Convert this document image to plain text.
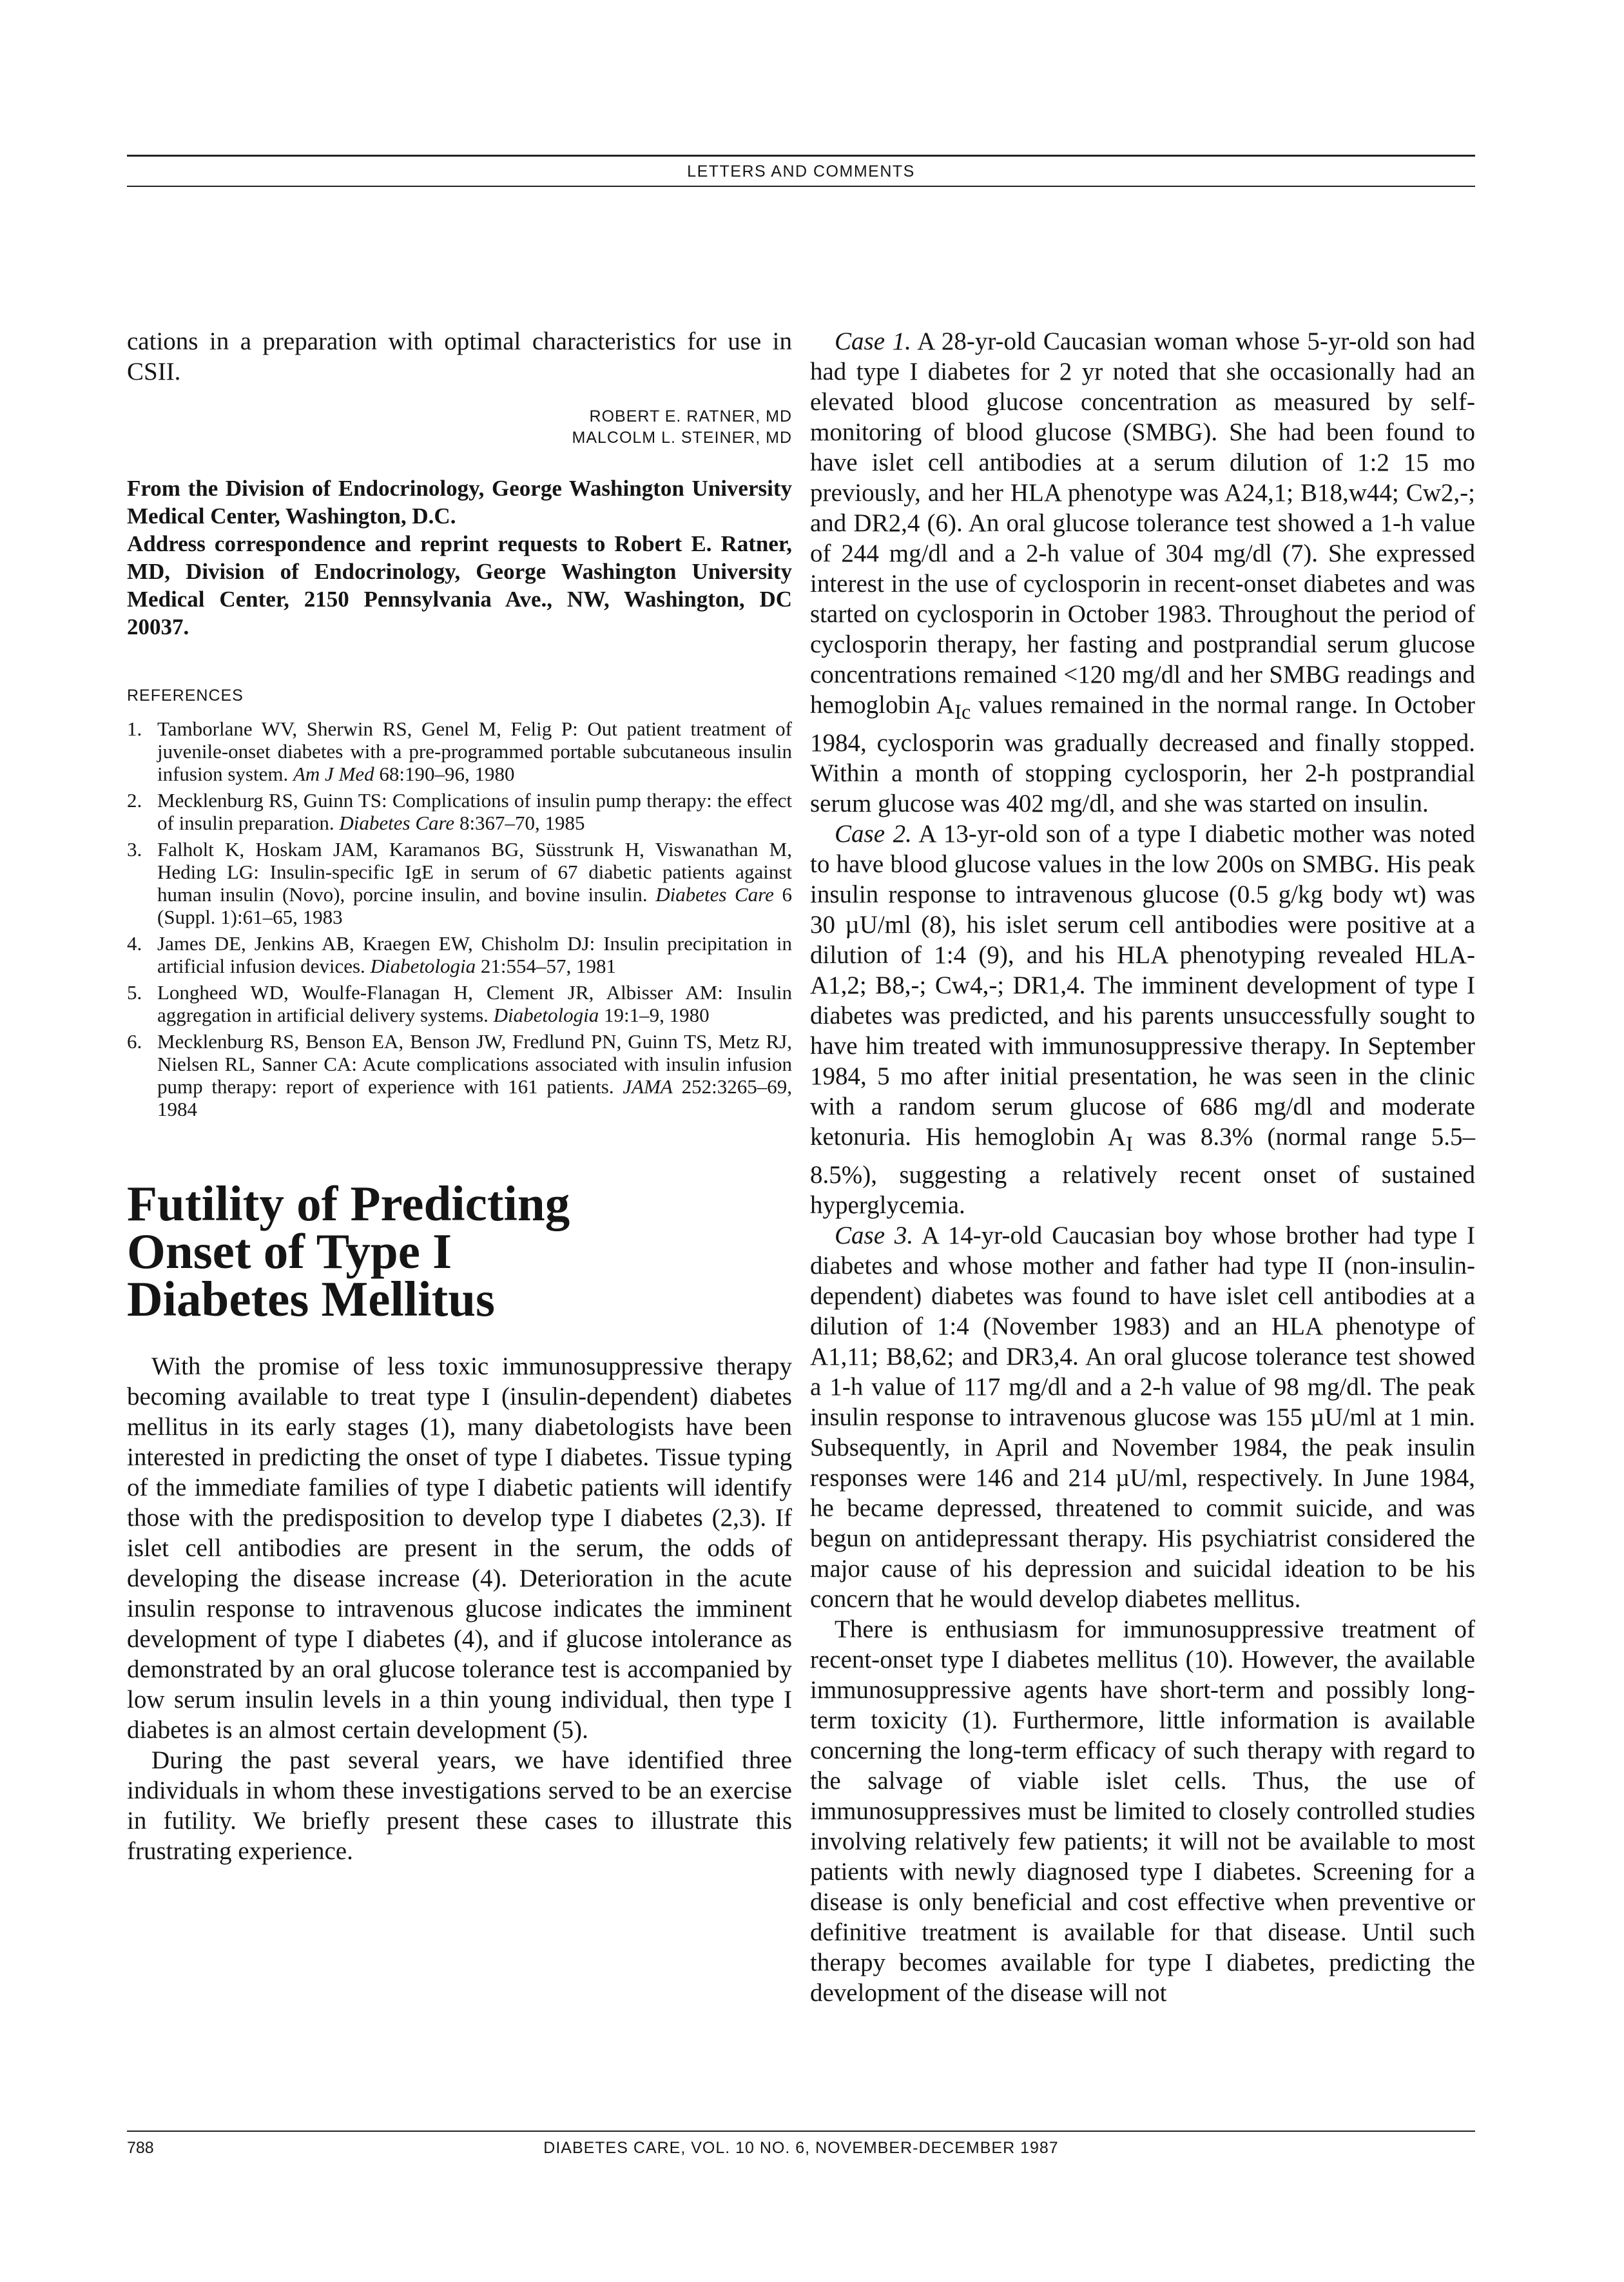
LETTERS AND COMMENTS

cations in a preparation with optimal characteristics for use in CSII.

ROBERT E. RATNER, MD
MALCOLM L. STEINER, MD

From the Division of Endocrinology, George Washington University Medical Center, Washington, D.C.

Address correspondence and reprint requests to Robert E. Ratner, MD, Division of Endocrinology, George Washington University Medical Center, 2150 Pennsylvania Ave., NW, Washington, DC 20037.

REFERENCES
1. Tamborlane WV, Sherwin RS, Genel M, Felig P: Out patient treatment of juvenile-onset diabetes with a pre-programmed portable subcutaneous insulin infusion system. Am J Med 68:190–96, 1980
2. Mecklenburg RS, Guinn TS: Complications of insulin pump therapy: the effect of insulin preparation. Diabetes Care 8:367–70, 1985
3. Falholt K, Hoskam JAM, Karamanos BG, Süsstrunk H, Viswanathan M, Heding LG: Insulin-specific IgE in serum of 67 diabetic patients against human insulin (Novo), porcine insulin, and bovine insulin. Diabetes Care 6 (Suppl. 1):61–65, 1983
4. James DE, Jenkins AB, Kraegen EW, Chisholm DJ: Insulin precipitation in artificial infusion devices. Diabetologia 21:554–57, 1981
5. Longheed WD, Woulfe-Flanagan H, Clement JR, Albisser AM: Insulin aggregation in artificial delivery systems. Diabetologia 19:1–9, 1980
6. Mecklenburg RS, Benson EA, Benson JW, Fredlund PN, Guinn TS, Metz RJ, Nielsen RL, Sanner CA: Acute complications associated with insulin infusion pump therapy: report of experience with 161 patients. JAMA 252:3265–69, 1984
Futility of Predicting
Onset of Type I
Diabetes Mellitus

With the promise of less toxic immunosuppressive therapy becoming available to treat type I (insulin-dependent) diabetes mellitus in its early stages (1), many diabetologists have been interested in predicting the onset of type I diabetes. Tissue typing of the immediate families of type I diabetic patients will identify those with the predisposition to develop type I diabetes (2,3). If islet cell antibodies are present in the serum, the odds of developing the disease increase (4). Deterioration in the acute insulin response to intravenous glucose indicates the imminent development of type I diabetes (4), and if glucose intolerance as demonstrated by an oral glucose tolerance test is accompanied by low serum insulin levels in a thin young individual, then type I diabetes is an almost certain development (5).

During the past several years, we have identified three individuals in whom these investigations served to be an exercise in futility. We briefly present these cases to illustrate this frustrating experience.

Case 1. A 28-yr-old Caucasian woman whose 5-yr-old son had had type I diabetes for 2 yr noted that she occasionally had an elevated blood glucose concentration as measured by self-monitoring of blood glucose (SMBG). She had been found to have islet cell antibodies at a serum dilution of 1:2 15 mo previously, and her HLA phenotype was A24,1; B18,w44; Cw2,-; and DR2,4 (6). An oral glucose tolerance test showed a 1-h value of 244 mg/dl and a 2-h value of 304 mg/dl (7). She expressed interest in the use of cyclosporin in recent-onset diabetes and was started on cyclosporin in October 1983. Throughout the period of cyclosporin therapy, her fasting and postprandial serum glucose concentrations remained <120 mg/dl and her SMBG readings and hemoglobin $A_{Ic}$ values remained in the normal range. In October 1984, cyclosporin was gradually decreased and finally stopped. Within a month of stopping cyclosporin, her 2-h postprandial serum glucose was 402 mg/dl, and she was started on insulin.

Case 2. A 13-yr-old son of a type I diabetic mother was noted to have blood glucose values in the low 200s on SMBG. His peak insulin response to intravenous glucose (0.5 g/kg body wt) was 30 µU/ml (8), his islet serum cell antibodies were positive at a dilution of 1:4 (9), and his HLA phenotyping revealed HLA-A1,2; B8,-; Cw4,-; DR1,4. The imminent development of type I diabetes was predicted, and his parents unsuccessfully sought to have him treated with immunosuppressive therapy. In September 1984, 5 mo after initial presentation, he was seen in the clinic with a random serum glucose of 686 mg/dl and moderate ketonuria. His hemoglobin $A_I$ was 8.3% (normal range 5.5–8.5%), suggesting a relatively recent onset of sustained hyperglycemia.

Case 3. A 14-yr-old Caucasian boy whose brother had type I diabetes and whose mother and father had type II (non-insulin-dependent) diabetes was found to have islet cell antibodies at a dilution of 1:4 (November 1983) and an HLA phenotype of A1,11; B8,62; and DR3,4. An oral glucose tolerance test showed a 1-h value of 117 mg/dl and a 2-h value of 98 mg/dl. The peak insulin response to intravenous glucose was 155 µU/ml at 1 min. Subsequently, in April and November 1984, the peak insulin responses were 146 and 214 µU/ml, respectively. In June 1984, he became depressed, threatened to commit suicide, and was begun on antidepressant therapy. His psychiatrist considered the major cause of his depression and suicidal ideation to be his concern that he would develop diabetes mellitus.

There is enthusiasm for immunosuppressive treatment of recent-onset type I diabetes mellitus (10). However, the available immunosuppressive agents have short-term and possibly long-term toxicity (1). Furthermore, little information is available concerning the long-term efficacy of such therapy with regard to the salvage of viable islet cells. Thus, the use of immunosuppressives must be limited to closely controlled studies involving relatively few patients; it will not be available to most patients with newly diagnosed type I diabetes. Screening for a disease is only beneficial and cost effective when preventive or definitive treatment is available for that disease. Until such therapy becomes available for type I diabetes, predicting the development of the disease will not

788	DIABETES CARE, VOL. 10 NO. 6, NOVEMBER-DECEMBER 1987
